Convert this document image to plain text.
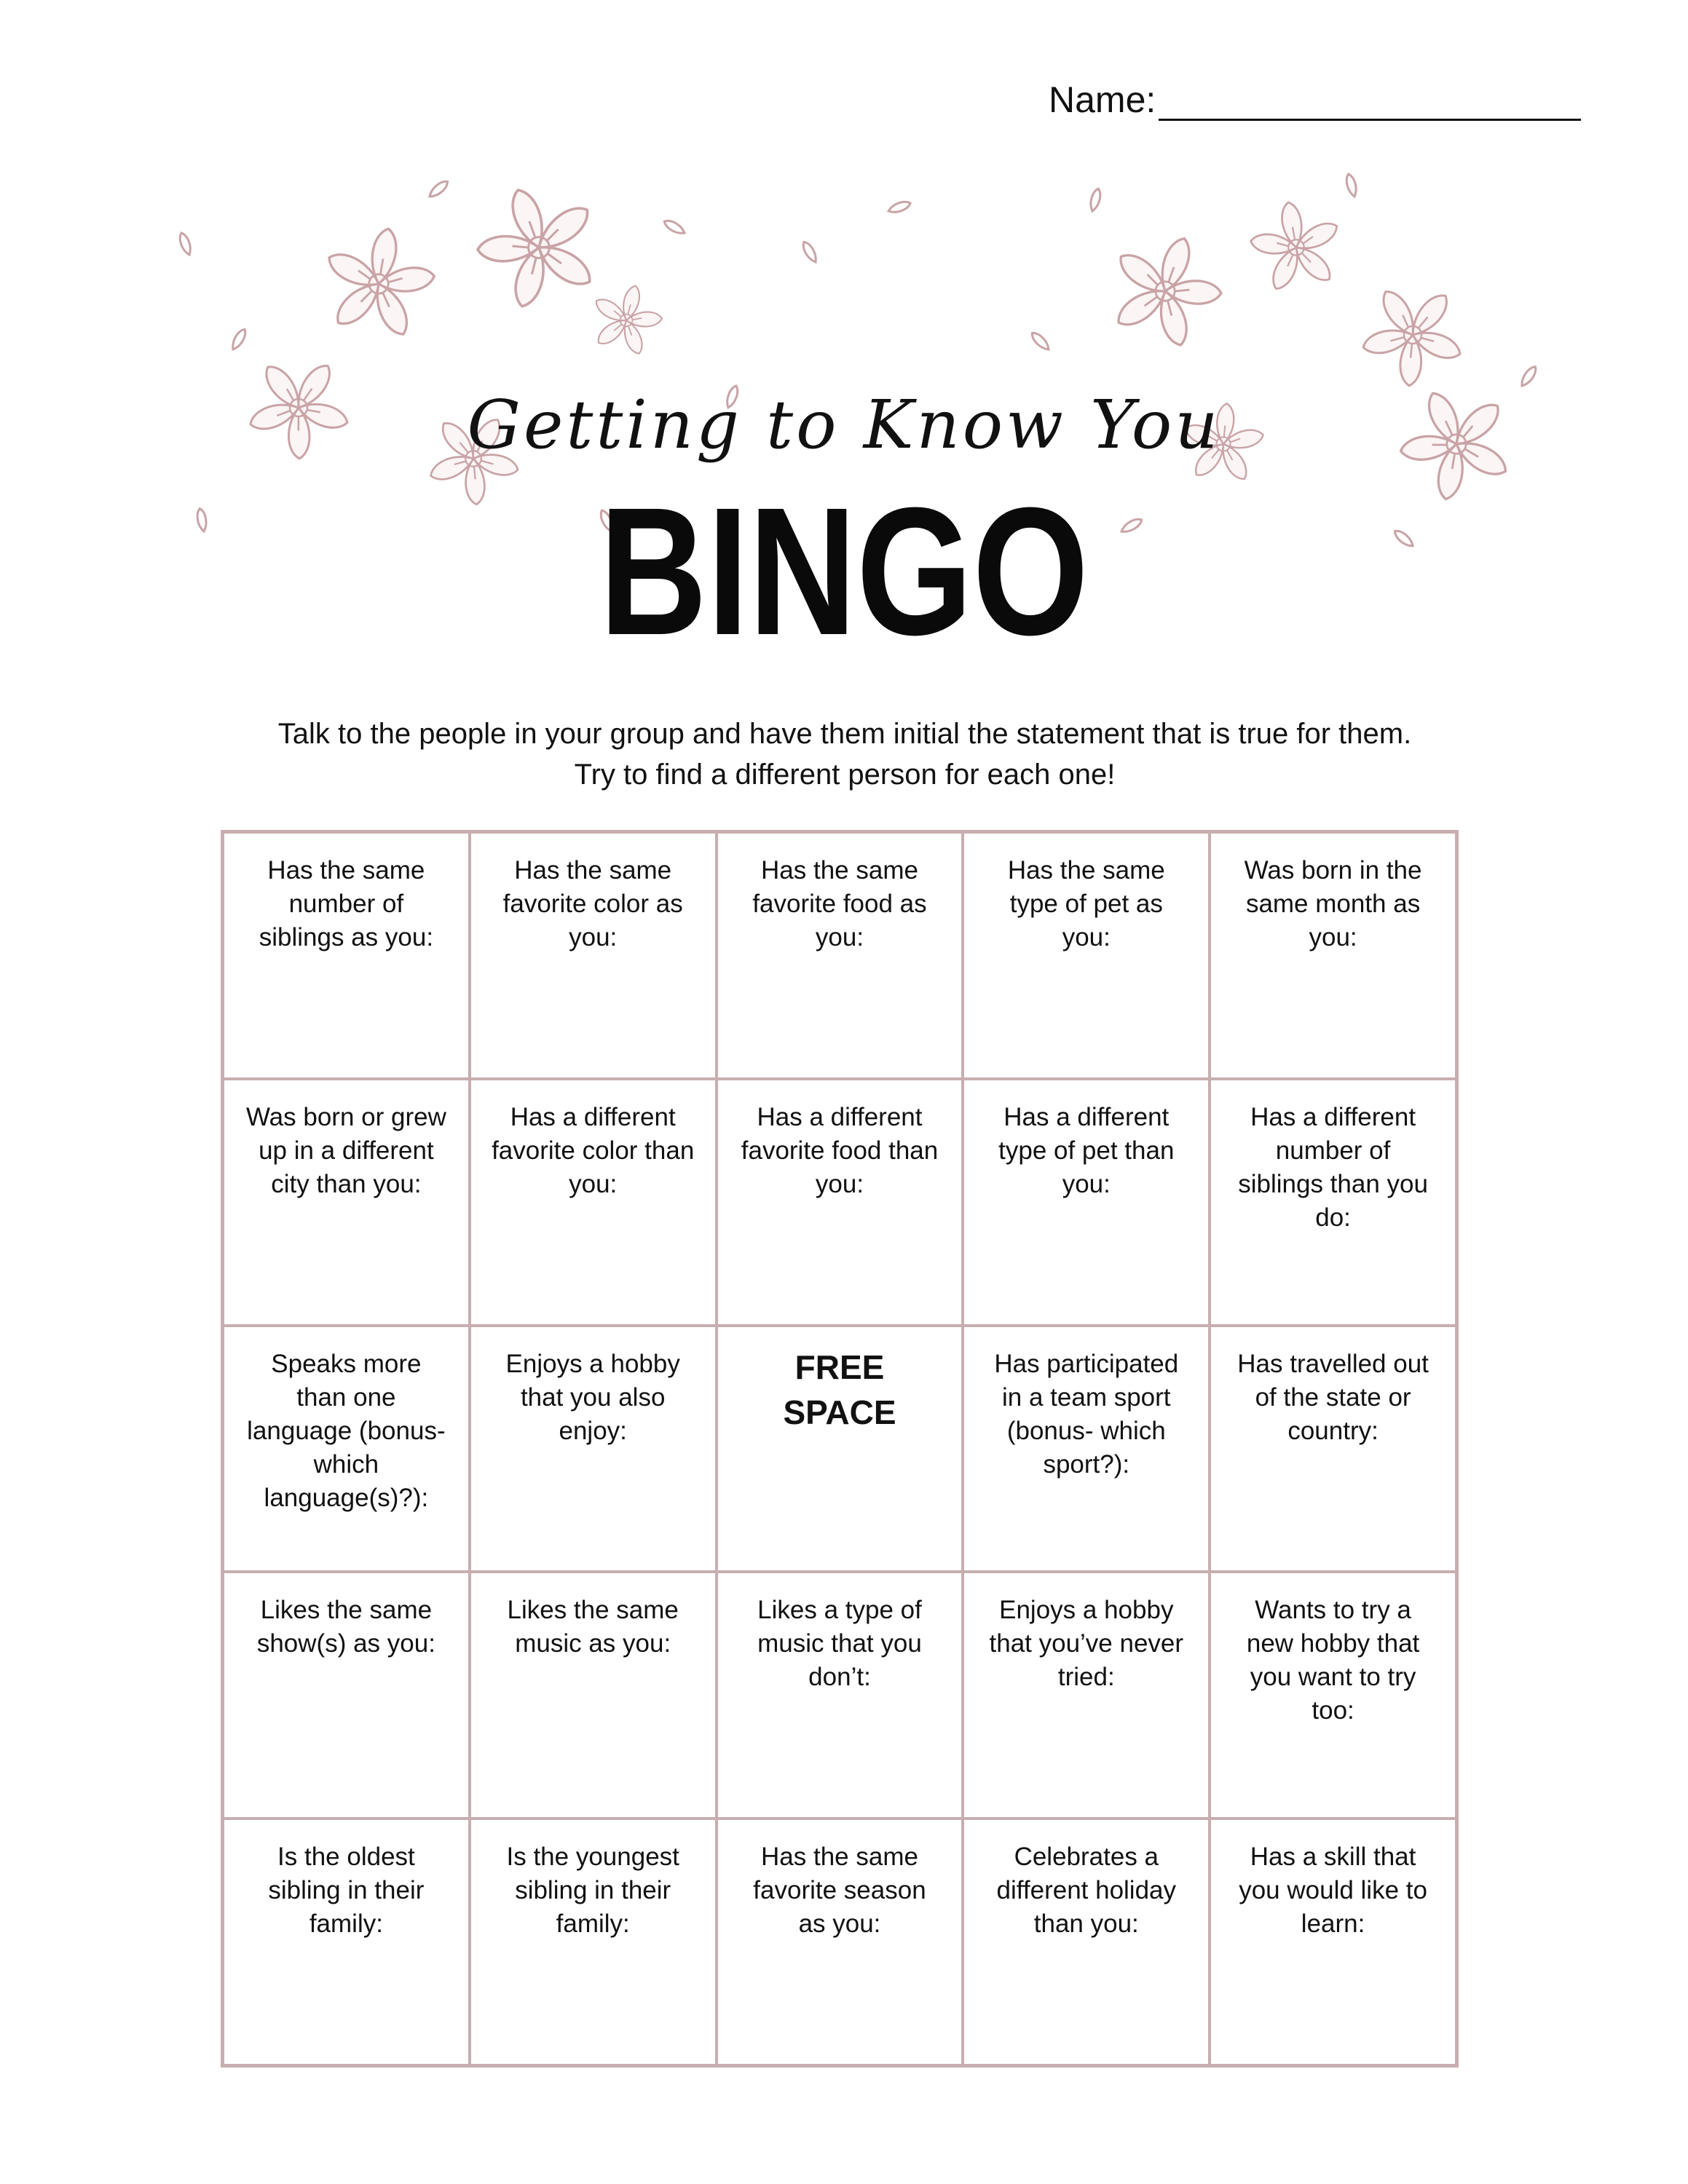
Name:
Getting to Know You
BINGO
Talk to the people in your group and have them initial the statement that is true for them. Try to find a different person for each one!
Has the same number of siblings as you:
Has the same favorite color as you:
Has the same favorite food as you:
Has the same type of pet as you:
Was born in the same month as you:
Was born or grew up in a different city than you:
Has a different favorite color than you:
Has a different favorite food than you:
Has a different type of pet than you:
Has a different number of siblings than you do:
Speaks more than one language (bonus- which language(s)?):
Enjoys a hobby that you also enjoy:
FREE SPACE
Has participated in a team sport (bonus- which sport?):
Has travelled out of the state or country:
Likes the same show(s) as you:
Likes the same music as you:
Likes a type of music that you don’t:
Enjoys a hobby that you’ve never tried:
Wants to try a new hobby that you want to try too:
Is the oldest sibling in their family:
Is the youngest sibling in their family:
Has the same favorite season as you:
Celebrates a different holiday than you:
Has a skill that you would like to learn:
